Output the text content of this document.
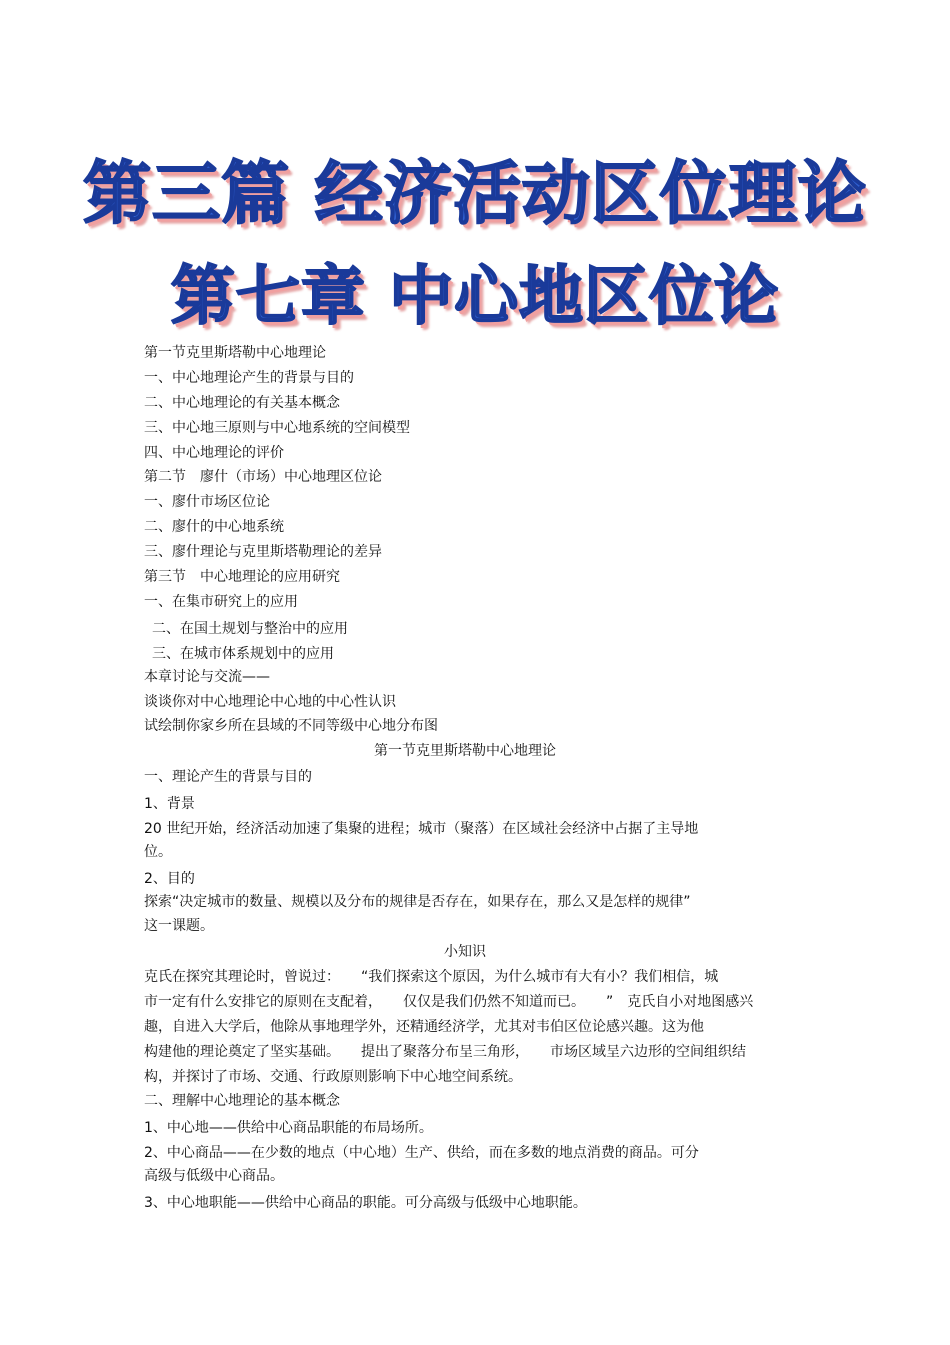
第三篇 经济活动区位理论
第七章 中心地区位论
第一节克里斯塔勒中心地理论
一、中心地理论产生的背景与目的
二、中心地理论的有关基本概念
三、中心地三原则与中心地系统的空间模型
四、中心地理论的评价
第二节　廖什（市场）中心地理区位论
一、廖什市场区位论
二、廖什的中心地系统
三、廖什理论与克里斯塔勒理论的差异
第三节　中心地理论的应用研究
一、在集市研究上的应用
二、在国土规划与整治中的应用
三、在城市体系规划中的应用
本章讨论与交流——
谈谈你对中心地理论中心地的中心性认识
试绘制你家乡所在县域的不同等级中心地分布图
第一节克里斯塔勒中心地理论
一、理论产生的背景与目的
1、背景
20 世纪开始，经济活动加速了集聚的进程；城市（聚落）在区域社会经济中占据了主导地
位。
2、目的
探索“决定城市的数量、规模以及分布的规律是否存在，如果存在，那么又是怎样的规律”
这一课题。
小知识
克氏在探究其理论时，曾说过：　　“我们探索这个原因，为什么城市有大有小？我们相信，城
市一定有什么安排它的原则在支配着，　　仅仅是我们仍然不知道而已。　　”　克氏自小对地图感兴
趣，自进入大学后，他除从事地理学外，还精通经济学，尤其对韦伯区位论感兴趣。这为他
构建他的理论奠定了坚实基础。　　提出了聚落分布呈三角形，　　市场区域呈六边形的空间组织结
构，并探讨了市场、交通、行政原则影响下中心地空间系统。
二、理解中心地理论的基本概念
1、中心地——供给中心商品职能的布局场所。
2、中心商品——在少数的地点（中心地）生产、供给，而在多数的地点消费的商品。可分
高级与低级中心商品。
3、中心地职能——供给中心商品的职能。可分高级与低级中心地职能。
